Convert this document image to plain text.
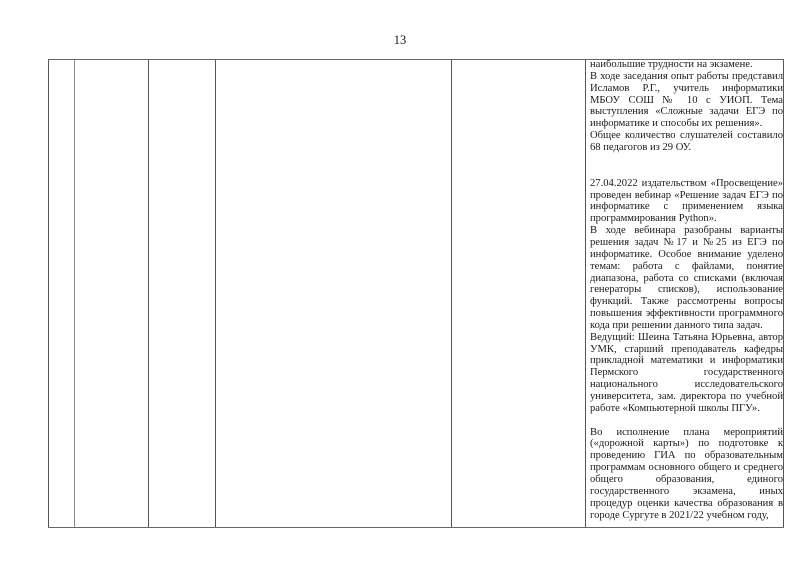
13

наибольшие трудности на экзамене.

В ходе заседания опыт работы представил Исламов Р.Г., учитель информатики МБОУ СОШ № 10 с УИОП. Тема выступления «Сложные задачи ЕГЭ по информатике и способы их решения».

Общее количество слушателей составило 68 педагогов из 29 ОУ.

27.04.2022 издательством «Просвещение» проведен вебинар «Решение задач ЕГЭ по информатике с применением языка программирования Python».

В ходе вебинара разобраны варианты решения задач №17 и №25 из ЕГЭ по информатике. Особое внимание уделено темам: работа с файлами, понятие диапазона, работа со списками (включая генераторы списков), использование функций. Также рассмотрены вопросы повышения эффективности программного кода при решении данного типа задач.

Ведущий: Шеина Татьяна Юрьевна, автор УМК, старший преподаватель кафедры прикладной математики и информатики Пермского государственного национального исследовательского университета, зам. директора по учебной работе «Компьютерной школы ПГУ».

Во исполнение плана мероприятий («дорожной карты») по подготовке к проведению ГИА по образовательным программам основного общего и среднего общего образования, единого государственного экзамена, иных процедур оценки качества образования в городе Сургуте в 2021/22 учебном году,
